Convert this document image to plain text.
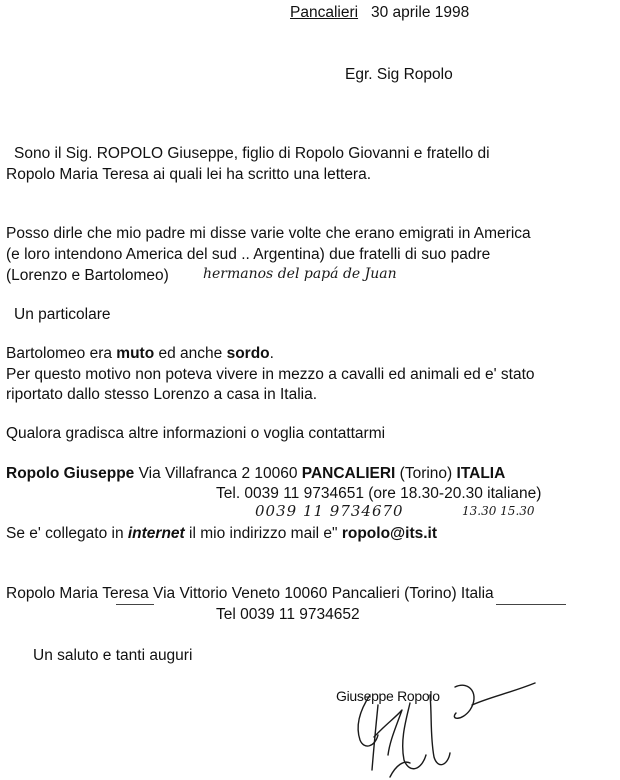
Pancalieri 30 aprile 1998
Egr. Sig Ropolo
Sono il Sig. ROPOLO Giuseppe, figlio di Ropolo Giovanni e fratello di
Ropolo Maria Teresa ai quali lei ha scritto una lettera.
Posso dirle che mio padre mi disse varie volte che erano emigrati in America
(e loro intendono America del sud .. Argentina) due fratelli di suo padre
(Lorenzo e Bartolomeo) hermanos del papá de Juan
Un particolare
Bartolomeo era muto ed anche sordo.
Per questo motivo non poteva vivere in mezzo a cavalli ed animali ed e' stato
riportato dallo stesso Lorenzo a casa in Italia.
Qualora gradisca altre informazioni o voglia contattarmi
Ropolo Giuseppe Via Villafranca 2 10060 PANCALIERI (Torino) ITALIA
Tel. 0039 11 9734651 (ore 18.30-20.30 italiane)
0039 11 9734670	13.30 15.30
Se e' collegato in internet il mio indirizzo mail e" ropolo@its.it
Ropolo Maria Teresa Via Vittorio Veneto 10060 Pancalieri (Torino) Italia
Tel 0039 11 9734652
Un saluto e tanti auguri
Giuseppe Ropolo
